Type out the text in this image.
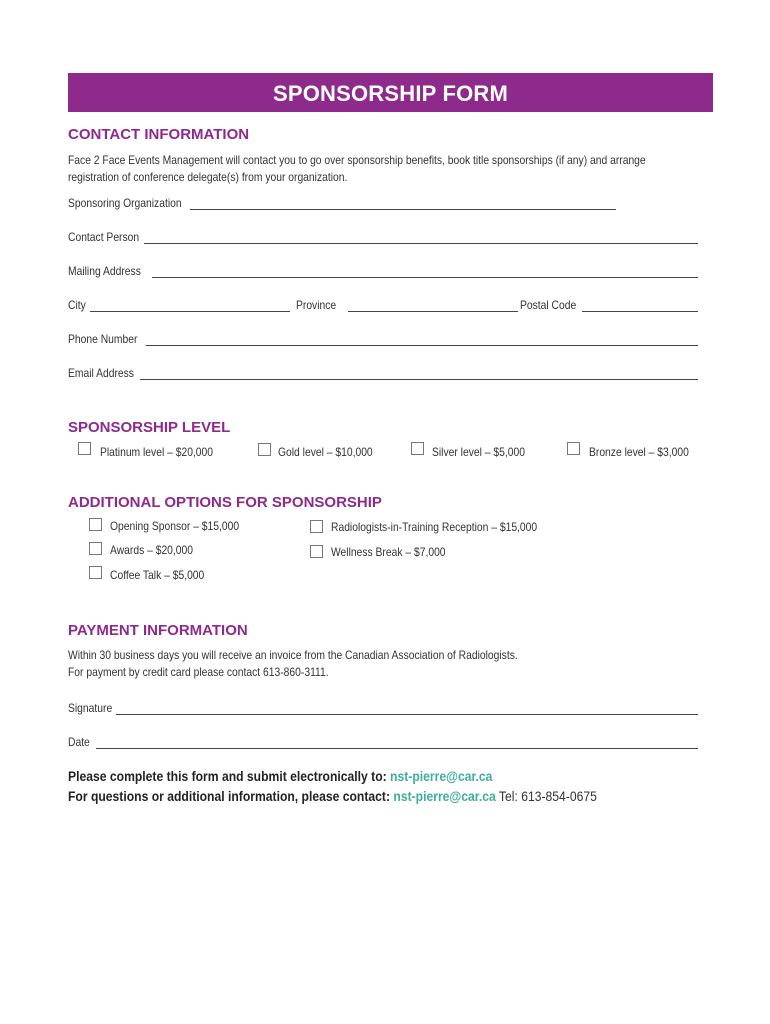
SPONSORSHIP FORM
CONTACT INFORMATION
Face 2 Face Events Management will contact you to go over sponsorship benefits, book title sponsorships (if any) and arrange
registration of conference delegate(s) from your organization.
Sponsoring Organization
Contact Person
Mailing Address
City	Province	Postal Code
Phone Number
Email Address
SPONSORSHIP LEVEL
Platinum level – $20,000	Gold level – $10,000	Silver level – $5,000	Bronze level – $3,000
ADDITIONAL OPTIONS FOR SPONSORSHIP
Opening Sponsor – $15,000
Awards – $20,000
Coffee Talk – $5,000
Radiologists-in-Training Reception – $15,000
Wellness Break – $7,000
PAYMENT INFORMATION
Within 30 business days you will receive an invoice from the Canadian Association of Radiologists.
For payment by credit card please contact 613-860-3111.
Signature
Date
Please complete this form and submit electronically to: nst-pierre@car.ca
For questions or additional information, please contact: nst-pierre@car.ca Tel: 613-854-0675
